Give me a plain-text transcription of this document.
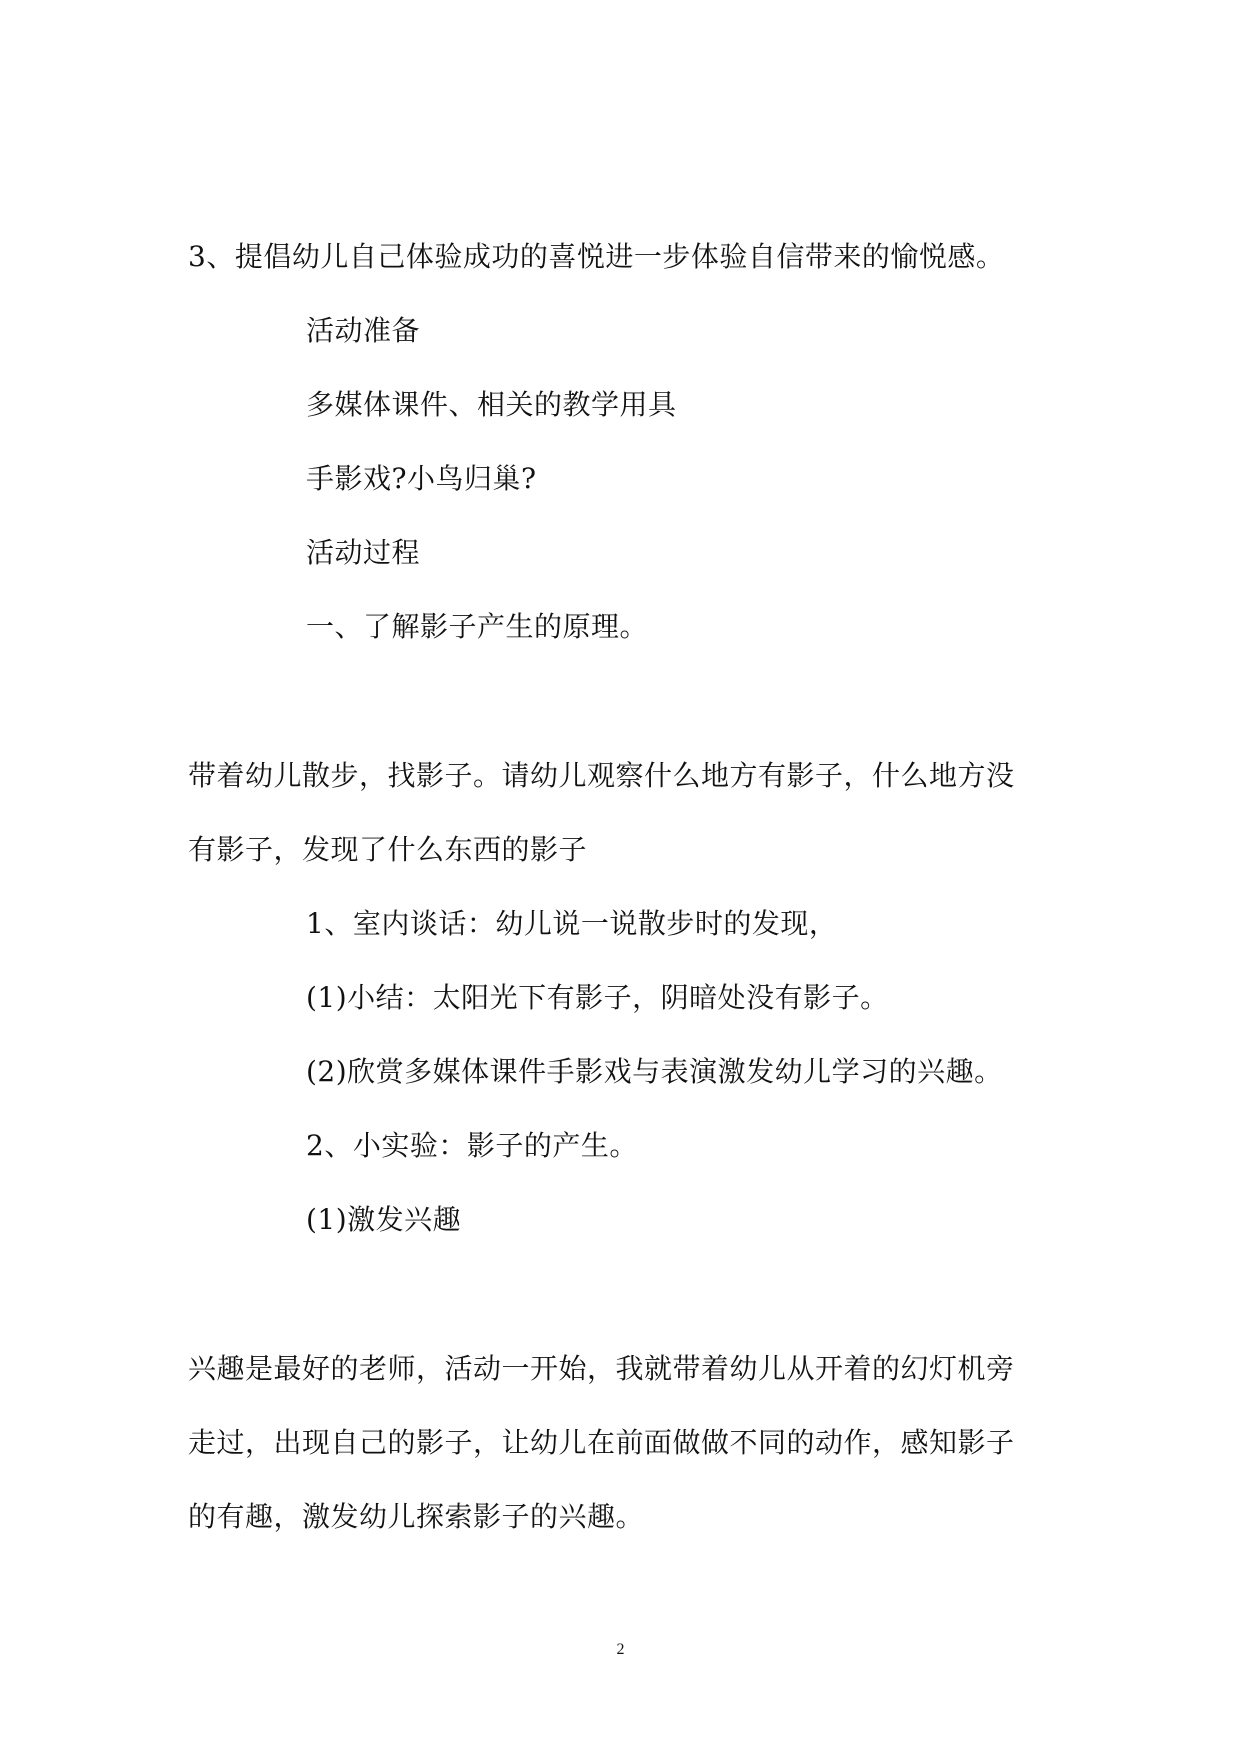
3、提倡幼儿自己体验成功的喜悦进一步体验自信带来的愉悦感。
活动准备
多媒体课件、相关的教学用具
手影戏?小鸟归巢?
活动过程
一、了解影子产生的原理。
带着幼儿散步，找影子。请幼儿观察什么地方有影子，什么地方没
有影子，发现了什么东西的影子
1、室内谈话：幼儿说一说散步时的发现，
(1)小结：太阳光下有影子，阴暗处没有影子。
(2)欣赏多媒体课件手影戏与表演激发幼儿学习的兴趣。
2、小实验：影子的产生。
(1)激发兴趣
兴趣是最好的老师，活动一开始，我就带着幼儿从开着的幻灯机旁
走过，出现自己的影子，让幼儿在前面做做不同的动作，感知影子
的有趣，激发幼儿探索影子的兴趣。
2
